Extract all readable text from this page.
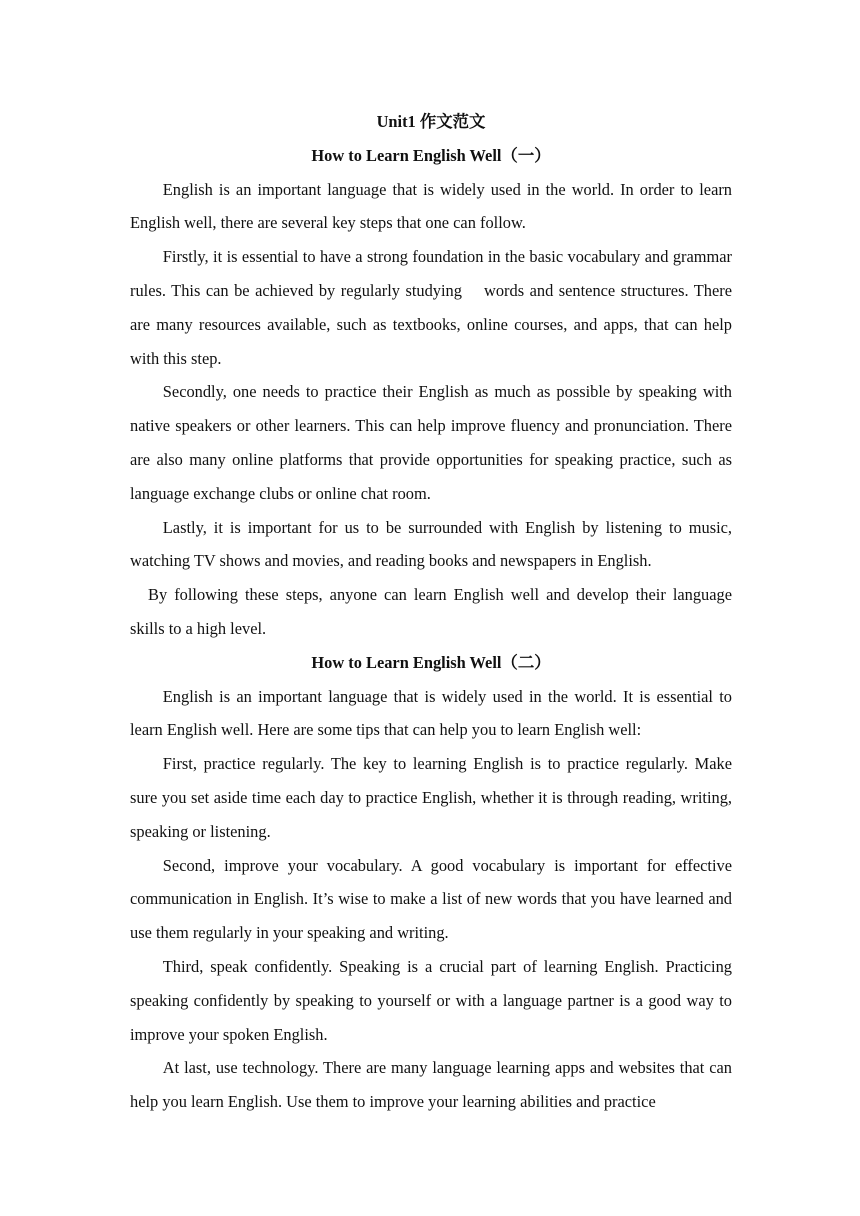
Unit1 作文范文

How to Learn English Well（一）

English is an important language that is widely used in the world. In order to learn English well, there are several key steps that one can follow.

Firstly, it is essential to have a strong foundation in the basic vocabulary and grammar rules. This can be achieved by regularly studying    words and sentence structures. There are many resources available, such as textbooks, online courses, and apps, that can help with this step.

Secondly, one needs to practice their English as much as possible by speaking with native speakers or other learners. This can help improve fluency and pronunciation. There are also many online platforms that provide opportunities for speaking practice, such as language exchange clubs or online chat room.

Lastly, it is important for us to be surrounded with English by listening to music, watching TV shows and movies, and reading books and newspapers in English.

By following these steps, anyone can learn English well and develop their language skills to a high level.

How to Learn English Well（二）

English is an important language that is widely used in the world. It is essential to learn English well. Here are some tips that can help you to learn English well:

First, practice regularly. The key to learning English is to practice regularly. Make sure you set aside time each day to practice English, whether it is through reading, writing, speaking or listening.

Second, improve your vocabulary. A good vocabulary is important for effective communication in English. It’s wise to make a list of new words that you have learned and use them regularly in your speaking and writing.

Third, speak confidently. Speaking is a crucial part of learning English. Practicing speaking confidently by speaking to yourself or with a language partner is a good way to improve your spoken English.

At last, use technology. There are many language learning apps and websites that can help you learn English. Use them to improve your learning abilities and practice
